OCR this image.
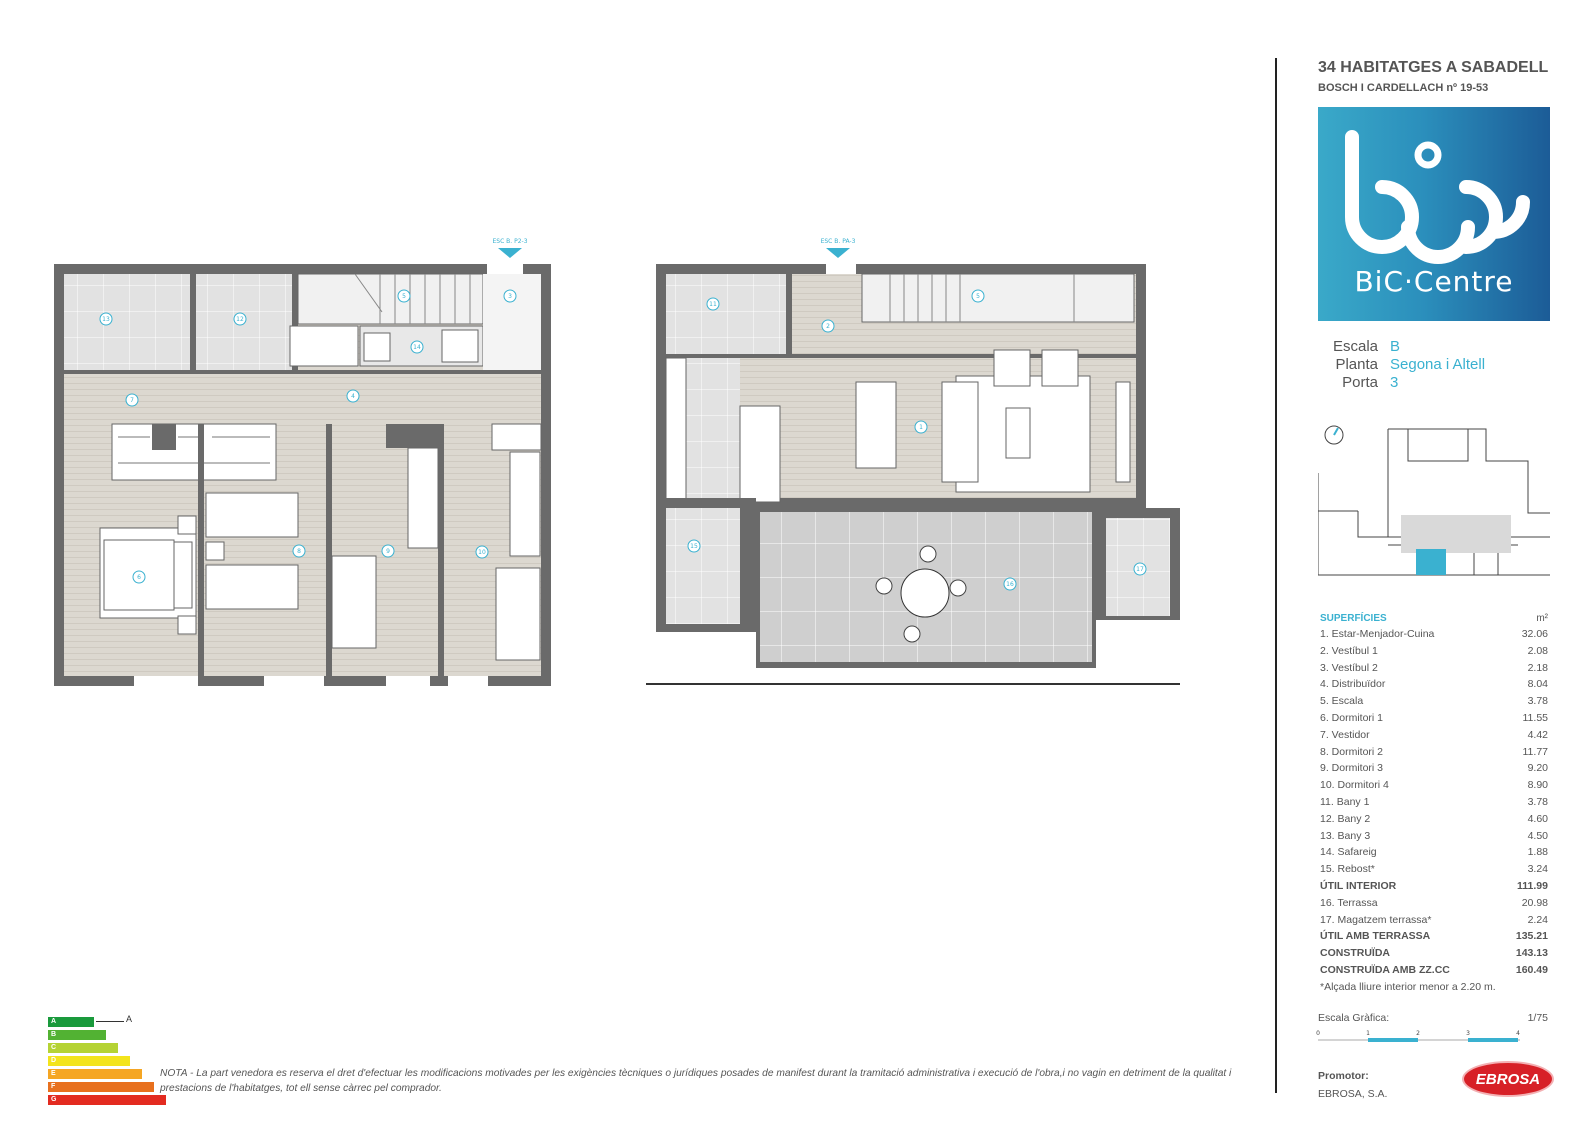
ESC B. P2-3
13	12
5	3
14
7
4
6
8	9	10
ESC B. PA-3
11
2
5
1
15
16
17
34 HABITATGES A SABADELL
BOSCH I CARDELLACH nº 19-53
BiC·Centre
Escala B
Planta Segona i Altell
Porta 3
SUPERFÍCIES	m²
1. Estar-Menjador-Cuina	32.06
2. Vestíbul 1	2.08
3. Vestíbul 2	2.18
4. Distribuïdor	8.04
5. Escala	3.78
6. Dormitori 1	11.55
7. Vestidor	4.42
8. Dormitori 2	11.77
9. Dormitori 3	9.20
10. Dormitori 4	8.90
11. Bany 1	3.78
12. Bany 2	4.60
13. Bany 3	4.50
14. Safareig	1.88
15. Rebost*	3.24
ÚTIL INTERIOR	111.99
16. Terrassa	20.98
17. Magatzem terrassa*	2.24
ÚTIL AMB TERRASSA	135.21
CONSTRUÏDA	143.13
CONSTRUÏDA AMB ZZ.CC	160.49
*Alçada lliure interior menor a 2.20 m.
Escala Gràfica:	1/75
0	1	2	3	4
Promotor:
EBROSA, S.A.
EBROSA
A
B
C
D
E
F
G
A
NOTA - La part venedora es reserva el dret d'efectuar les modificacions motivades per les exigències tècniques o jurídiques posades de manifest durant la tramitació administrativa i execució de l'obra,i no vagin en detriment de la qualitat i prestacions de l'habitatges, tot ell sense càrrec pel comprador.
